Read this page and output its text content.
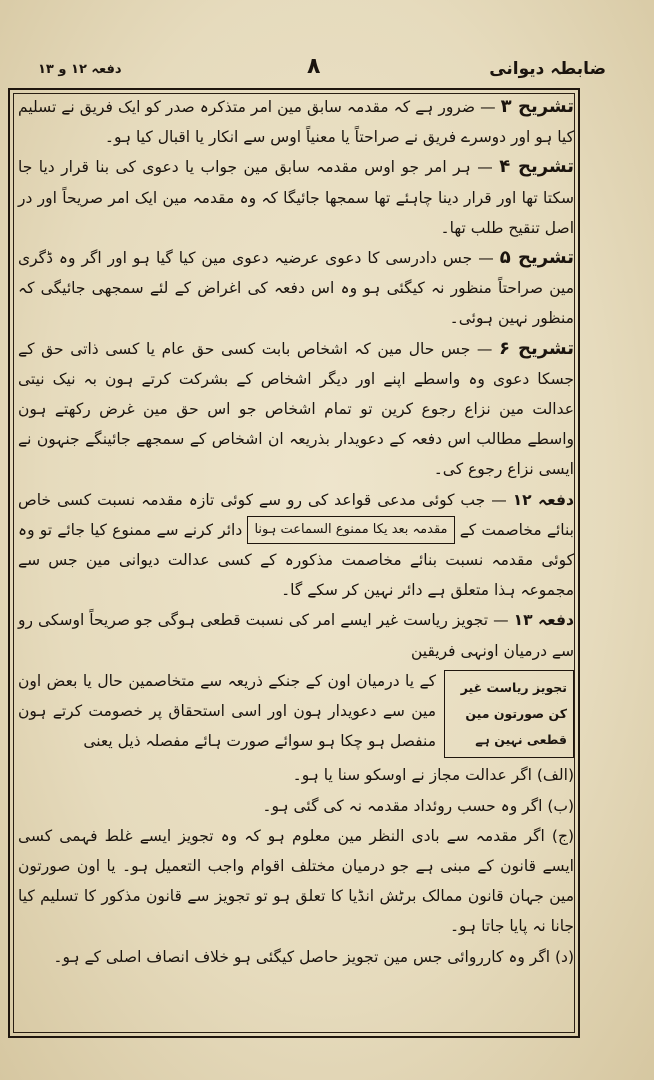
ضابطہ دیوانی
۸
دفعہ ۱۲ و ۱۳

تشریح ۳ — ضرور ہے کہ مقدمہ سابق مین امر متذکرہ صدر کو ایک فریق نے تسلیم کیا ہو اور دوسرے فریق نے صراحتاً یا معنیاً اوس سے انکار یا اقبال کیا ہو۔

تشریح ۴ — ہر امر جو اوس مقدمہ سابق مین جواب یا دعوی کی بنا قرار دیا جا سکتا تھا اور قرار دینا چاہئے تھا سمجھا جائیگا کہ وہ مقدمہ مین ایک امر صریحاً اور در اصل تنقیح طلب تھا۔

تشریح ۵ — جس دادرسی کا دعوی عرضیہ دعوی مین کیا گیا ہو اور اگر وہ ڈگری مین صراحتاً منظور نہ کیگئی ہو وہ اس دفعہ کی اغراض کے لئے سمجھی جائیگی کہ منظور نہین ہوئی۔

تشریح ۶ — جس حال مین کہ اشخاص بابت کسی حق عام یا کسی ذاتی حق کے جسکا دعوی وہ واسطے اپنے اور دیگر اشخاص کے بشرکت کرتے ہون بہ نیک نیتی عدالت مین نزاع رجوع کرین تو تمام اشخاص جو اس حق مین غرض رکھتے ہون واسطے مطالب اس دفعہ کے دعویدار بذریعہ ان اشخاص کے سمجھے جائینگے جنہون نے ایسی نزاع رجوع کی۔

دفعہ ۱۲ — جب کوئی مدعی قواعد کی رو سے کوئی تازہ مقدمہ نسبت کسی خاص بنائے مخاصمت کے مقدمہ بعد یکا ممنوع السماعت ہونا دائر کرنے سے ممنوع کیا جائے تو وہ کوئی مقدمہ نسبت بنائے مخاصمت مذکورہ کے کسی عدالت دیوانی مین جس سے مجموعہ ہذا متعلق ہے دائر نہین کر سکے گا۔

دفعہ ۱۳ — تجویز ریاست غیر ایسے امر کی نسبت قطعی ہوگی جو صریحاً اوسکی رو سے درمیان اونہی فریقین

تجویز ریاست غیر کن صورتون مین قطعی نہین ہے

کے یا درمیان اون کے جنکے ذریعہ سے متخاصمین حال یا بعض اون مین سے دعویدار ہون اور اسی استحقاق پر خصومت کرتے ہون منفصل ہو چکا ہو سوائے صورت ہائے مفصلہ ذیل یعنی

(الف) اگر عدالت مجاز نے اوسکو سنا یا ہو۔

(ب) اگر وہ حسب روئداد مقدمہ نہ کی گئی ہو۔

(ج) اگر مقدمہ سے بادی النظر مین معلوم ہو کہ وہ تجویز ایسے غلط فہمی کسی ایسے قانون کے مبنی ہے جو درمیان مختلف اقوام واجب التعمیل ہو۔ یا اون صورتون مین جہان قانون ممالک برٹش انڈیا کا تعلق ہو تو تجویز سے قانون مذکور کا تسلیم کیا جانا نہ پایا جاتا ہو۔

(د) اگر وہ کارروائی جس مین تجویز حاصل کیگئی ہو خلاف انصاف اصلی کے ہو۔
